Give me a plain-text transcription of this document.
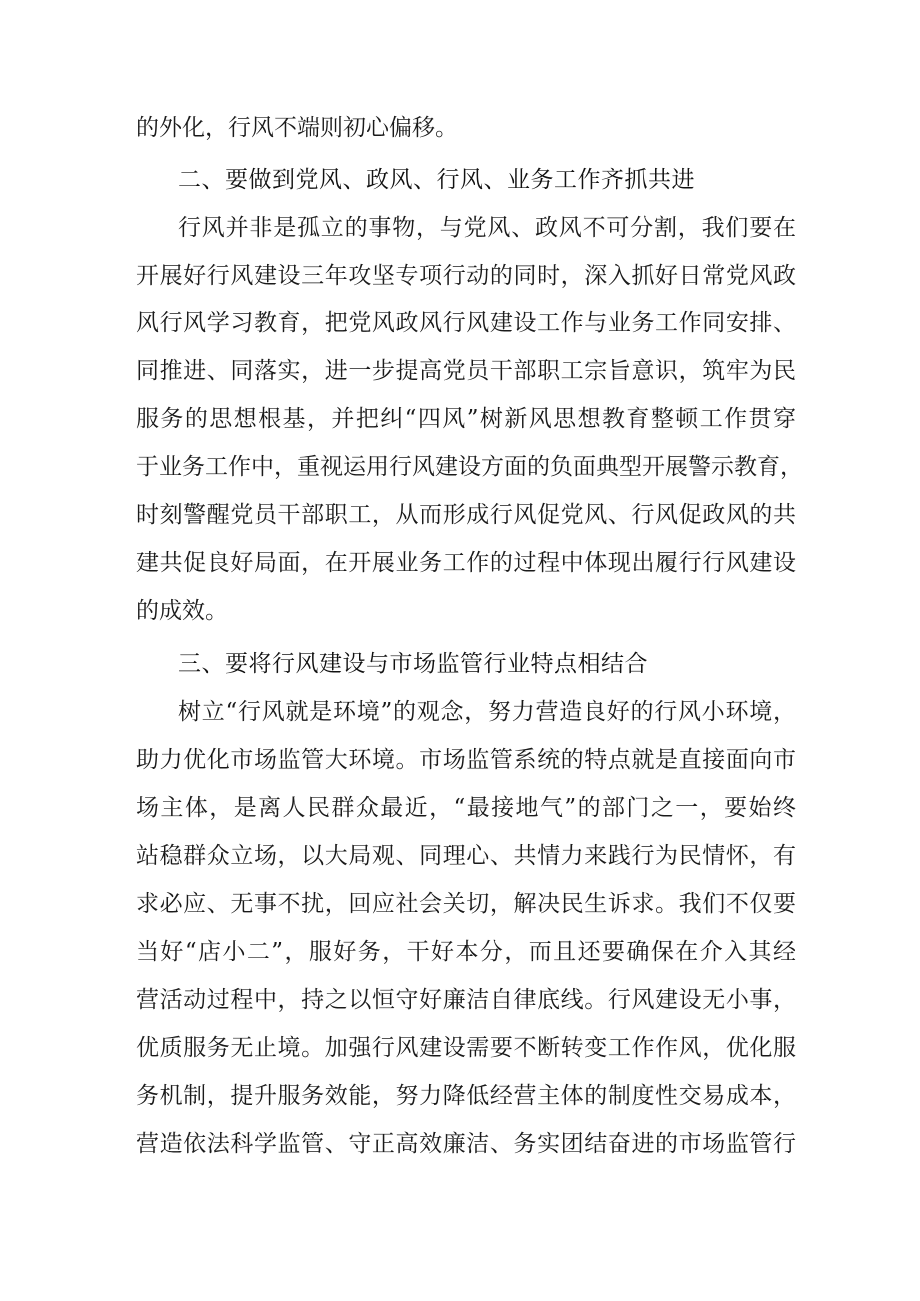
的外化，行风不端则初心偏移。
二、要做到党风、政风、行风、业务工作齐抓共进
行风并非是孤立的事物，与党风、政风不可分割，我们要在
开展好行风建设三年攻坚专项行动的同时，深入抓好日常党风政
风行风学习教育，把党风政风行风建设工作与业务工作同安排、
同推进、同落实，进一步提高党员干部职工宗旨意识，筑牢为民
服务的思想根基，并把纠“四风”树新风思想教育整顿工作贯穿
于业务工作中，重视运用行风建设方面的负面典型开展警示教育，
时刻警醒党员干部职工，从而形成行风促党风、行风促政风的共
建共促良好局面，在开展业务工作的过程中体现出履行行风建设
的成效。
三、要将行风建设与市场监管行业特点相结合
树立“行风就是环境”的观念，努力营造良好的行风小环境，
助力优化市场监管大环境。市场监管系统的特点就是直接面向市
场主体，是离人民群众最近，“最接地气”的部门之一，要始终
站稳群众立场，以大局观、同理心、共情力来践行为民情怀，有
求必应、无事不扰，回应社会关切，解决民生诉求。我们不仅要
当好“店小二”，服好务，干好本分，而且还要确保在介入其经
营活动过程中，持之以恒守好廉洁自律底线。行风建设无小事，
优质服务无止境。加强行风建设需要不断转变工作作风，优化服
务机制，提升服务效能，努力降低经营主体的制度性交易成本，
营造依法科学监管、守正高效廉洁、务实团结奋进的市场监管行
